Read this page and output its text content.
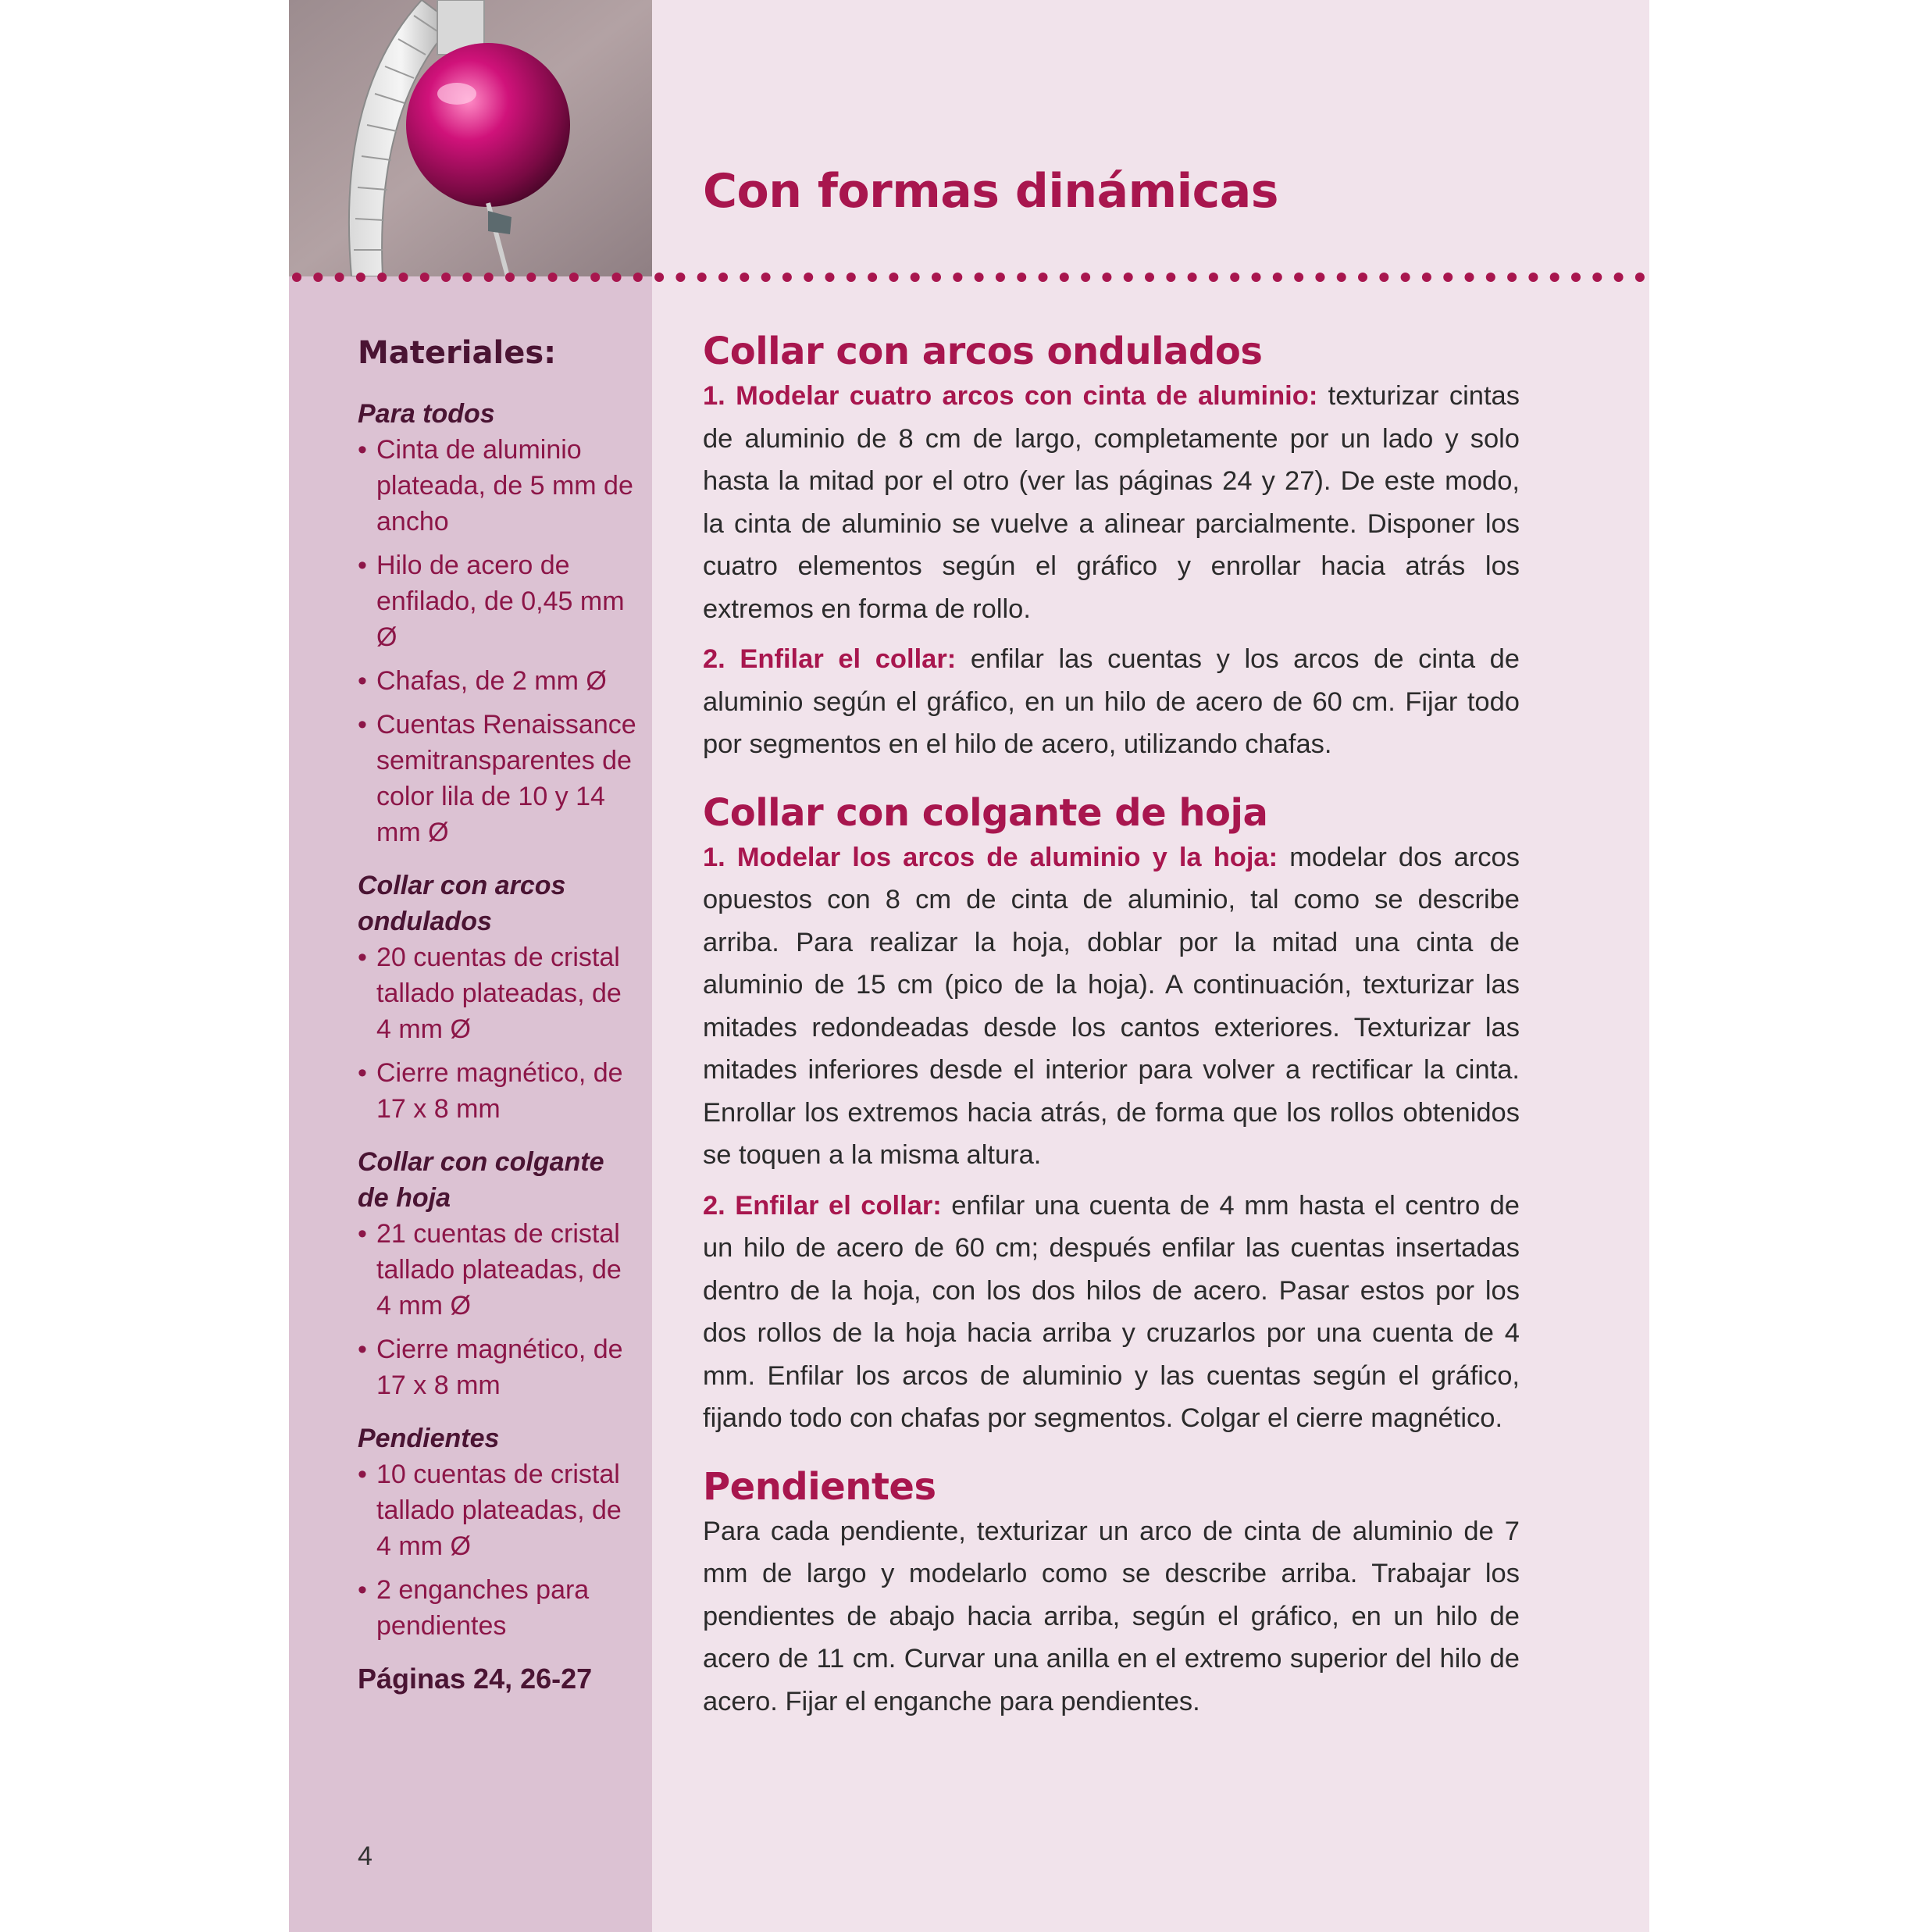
Con formas dinámicas
Materiales:
Para todos
• Cinta de aluminio plateada, de 5 mm de ancho
• Hilo de acero de enfilado, de 0,45 mm Ø
• Chafas, de 2 mm Ø
• Cuentas Renaissance semitransparentes de color lila de 10 y 14 mm Ø
Collar con arcos ondulados
• 20 cuentas de cristal tallado plateadas, de 4 mm Ø
• Cierre magnético, de 17 x 8 mm
Collar con colgante de hoja
• 21 cuentas de cristal tallado plateadas, de 4 mm Ø
• Cierre magnético, de 17 x 8 mm
Pendientes
• 10 cuentas de cristal tallado plateadas, de 4 mm Ø
• 2 enganches para pendientes
Páginas 24, 26-27
4
Collar con arcos ondulados

1. Modelar cuatro arcos con cinta de aluminio: texturizar cintas de aluminio de 8 cm de largo, completamente por un lado y solo hasta la mitad por el otro (ver las páginas 24 y 27). De este modo, la cinta de aluminio se vuelve a alinear parcialmente. Disponer los cuatro elementos según el gráfico y enrollar hacia atrás los extremos en forma de rollo.

2. Enfilar el collar: enfilar las cuentas y los arcos de cinta de aluminio según el gráfico, en un hilo de acero de 60 cm. Fijar todo por segmentos en el hilo de acero, utilizando chafas.

Collar con colgante de hoja

1. Modelar los arcos de aluminio y la hoja: modelar dos arcos opuestos con 8 cm de cinta de aluminio, tal como se describe arriba. Para realizar la hoja, doblar por la mitad una cinta de aluminio de 15 cm (pico de la hoja). A continuación, texturizar las mitades redondeadas desde los cantos exteriores. Texturizar las mitades inferiores desde el interior para volver a rectificar la cinta. Enrollar los extremos hacia atrás, de forma que los rollos obtenidos se toquen a la misma altura.

2. Enfilar el collar: enfilar una cuenta de 4 mm hasta el centro de un hilo de acero de 60 cm; después enfilar las cuentas insertadas dentro de la hoja, con los dos hilos de acero. Pasar estos por los dos rollos de la hoja hacia arriba y cruzarlos por una cuenta de 4 mm. Enfilar los arcos de aluminio y las cuentas según el gráfico, fijando todo con chafas por segmentos. Colgar el cierre magnético.

Pendientes

Para cada pendiente, texturizar un arco de cinta de aluminio de 7 mm de largo y modelarlo como se describe arriba. Trabajar los pendientes de abajo hacia arriba, según el gráfico, en un hilo de acero de 11 cm. Curvar una anilla en el extremo superior del hilo de acero. Fijar el enganche para pendientes.
